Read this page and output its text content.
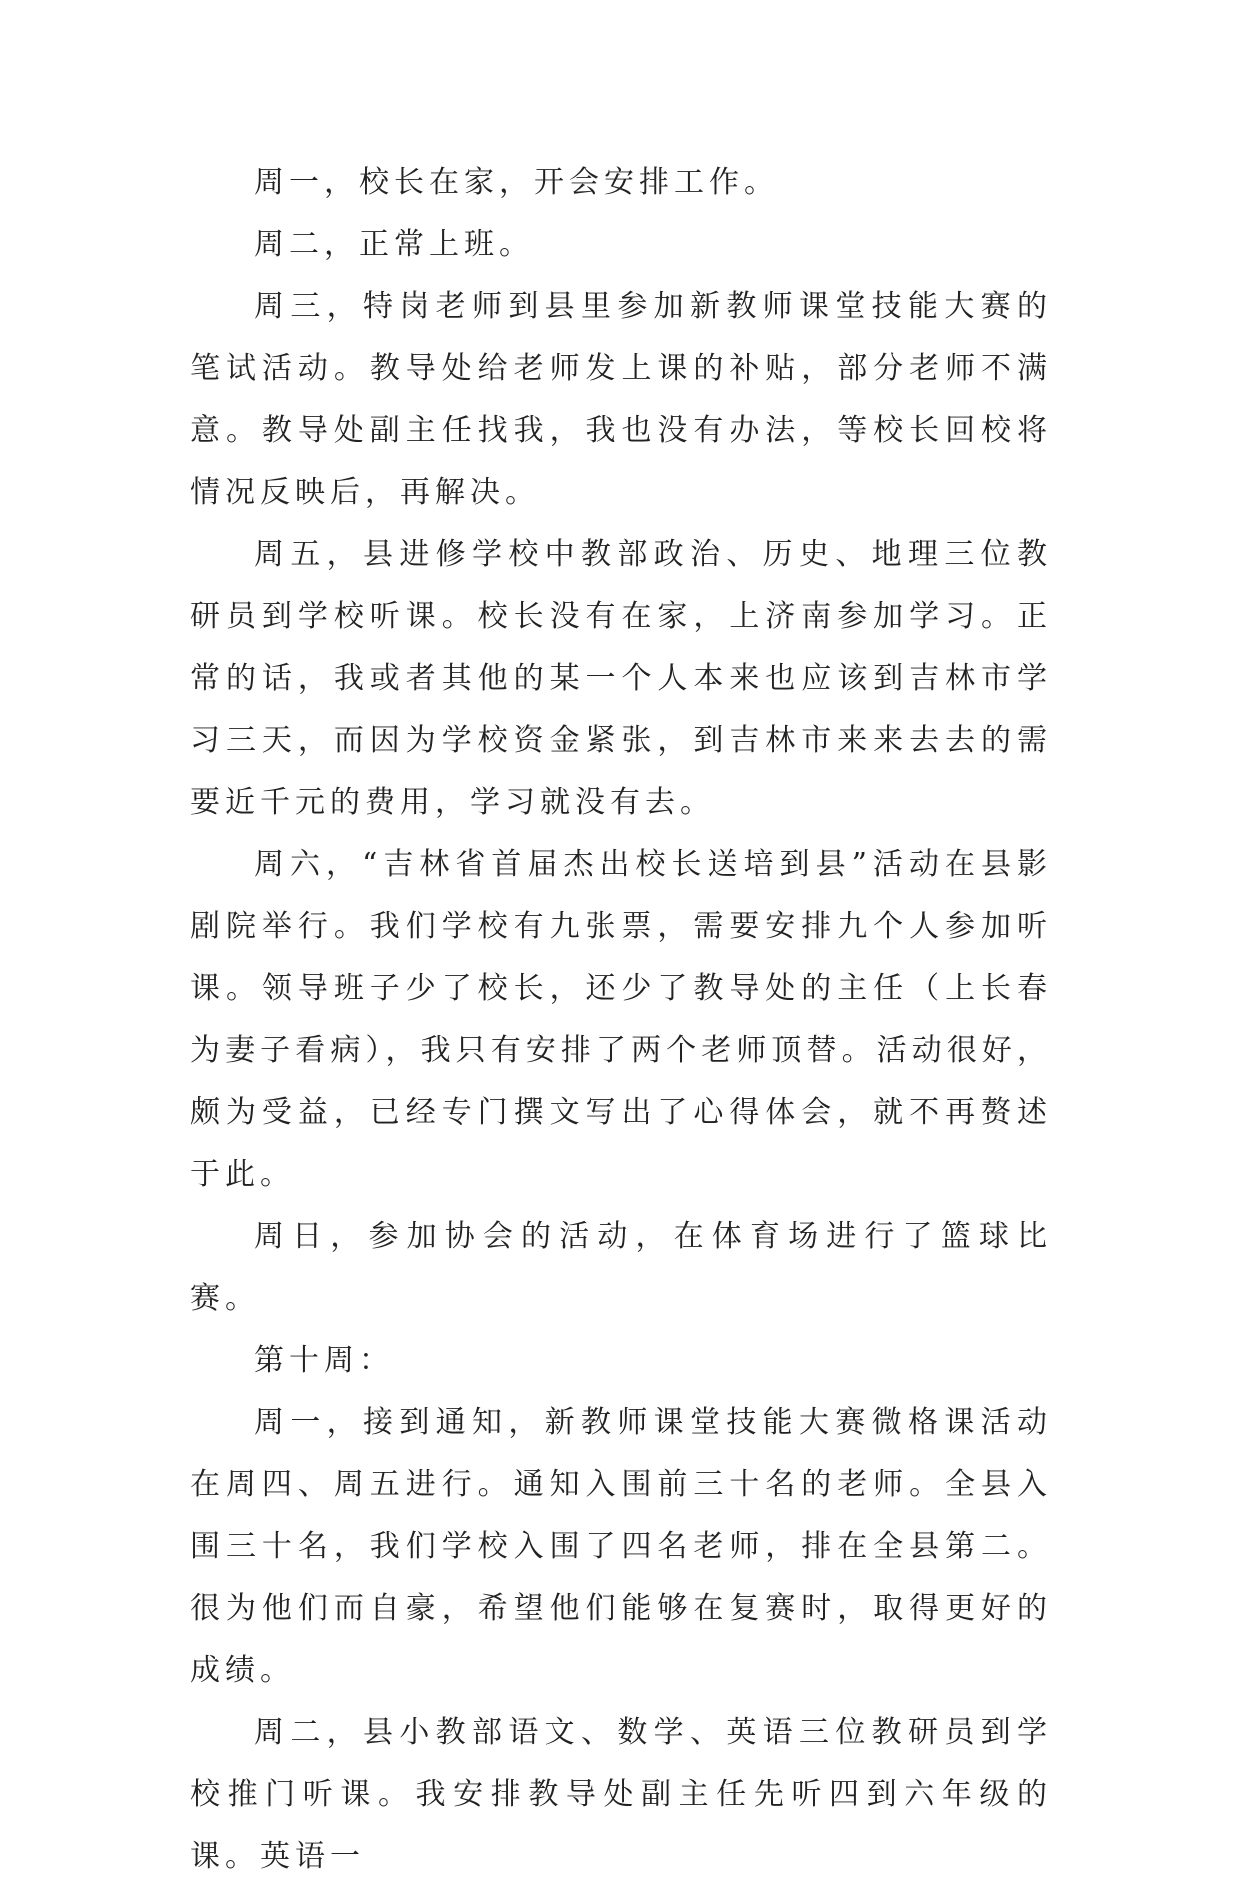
周一，校长在家，开会安排工作。

周二，正常上班。

周三，特岗老师到县里参加新教师课堂技能大赛的笔试活动。教导处给老师发上课的补贴，部分老师不满意。教导处副主任找我，我也没有办法，等校长回校将情况反映后，再解决。

周五，县进修学校中教部政治、历史、地理三位教研员到学校听课。校长没有在家，上济南参加学习。正常的话，我或者其他的某一个人本来也应该到吉林市学习三天，而因为学校资金紧张，到吉林市来来去去的需要近千元的费用，学习就没有去。

周六，“吉林省首届杰出校长送培到县”活动在县影剧院举行。我们学校有九张票，需要安排九个人参加听课。领导班子少了校长，还少了教导处的主任（上长春为妻子看病），我只有安排了两个老师顶替。活动很好，颇为受益，已经专门撰文写出了心得体会，就不再赘述于此。

周日，参加协会的活动，在体育场进行了篮球比赛。

第十周：

周一，接到通知，新教师课堂技能大赛微格课活动在周四、周五进行。通知入围前三十名的老师。全县入围三十名，我们学校入围了四名老师，排在全县第二。很为他们而自豪，希望他们能够在复赛时，取得更好的成绩。

周二，县小教部语文、数学、英语三位教研员到学校推门听课。我安排教导处副主任先听四到六年级的课。英语一
